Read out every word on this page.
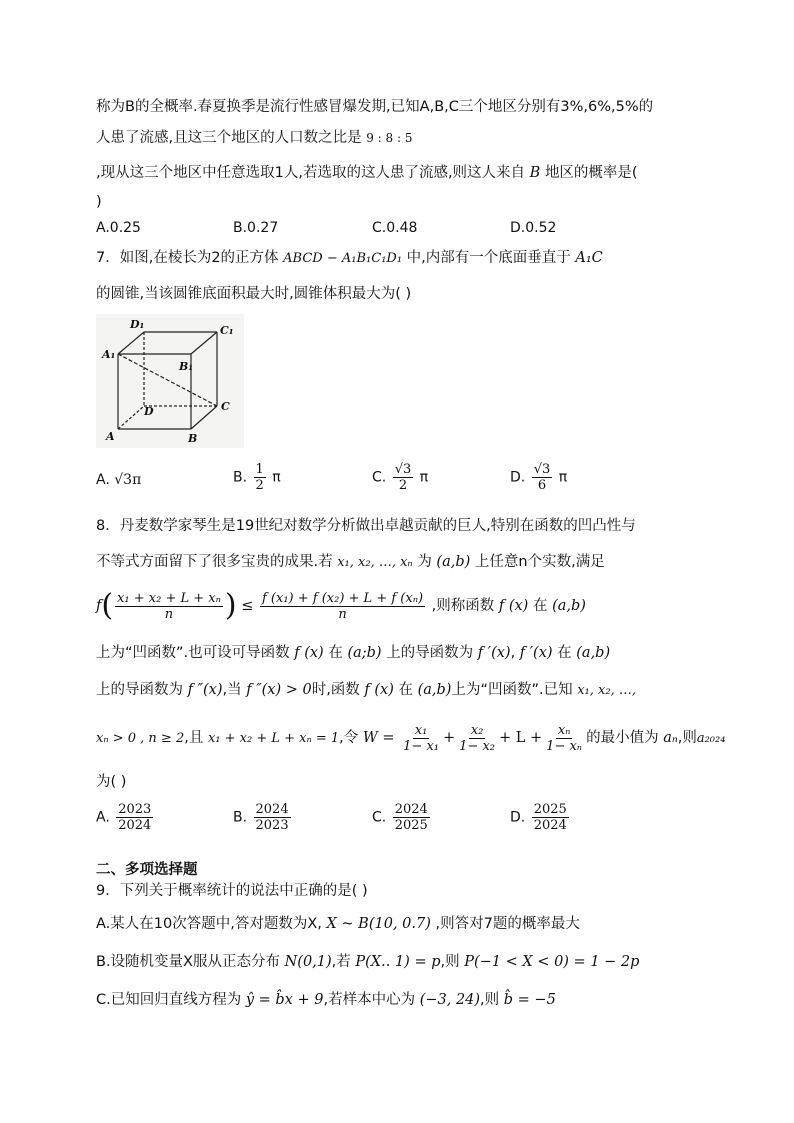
称为B的全概率.春夏换季是流行性感冒爆发期,已知A,B,C三个地区分别有3%,6%,5%的
人患了流感,且这三个地区的人口数之比是 9 : 8 : 5
,现从这三个地区中任意选取1人,若选取的这人患了流感,则这人来自 B 地区的概率是(
)
A.0.25	B.0.27	C.0.48	D.0.52
7．如图,在棱长为2的正方体 ABCD − A₁B₁C₁D₁ 中,内部有一个底面垂直于 A₁C
的圆锥,当该圆锥底面积最大时,圆锥体积最大为( )
D₁	C₁
A₁
B₁
D	C
A	B
A. √3π	B. $\frac{1}{2}$ π	C. $\frac{√3}{2}$ π	D. $\frac{√3}{6}$ π
8．丹麦数学家琴生是19世纪对数学分析做出卓越贡献的巨人,特别在函数的凹凸性与
不等式方面留下了很多宝贵的成果.若 x₁, x₂, …, xₙ 为 (a,b) 上任意n个实数,满足
$f( \frac{\text{x₁ + x₂ + L + xₙ}}{n}$ ) ≤ $\frac{\text{f (x₁) + f (x₂) + L + f (xₙ)}}{n}$ ,则称函数 f (x) 在 (a,b)
上为“凹函数”.也可设可导函数 f (x) 在 (a;b) 上的导函数为 f ′(x), f ′(x) 在 (a,b)
上的导函数为 f ″(x),当 f ″(x) > 0时,函数 f (x) 在 (a,b)上为“凹函数”.已知 x₁, x₂, …,
xₙ > 0 , n ≥ 2,且 x₁ + x₂ + L + xₙ = 1,令 $W = \frac{\text{x₁}}{\text{1− x₁}} + \frac{\text{x₂}}{\text{1− x₂}} + L + \frac{\text{xₙ}}{\text{1− xₙ}}$ 的最小值为 aₙ,则a₂₀₂₄
为( )
A. $\frac{2023}{2024}$	B. $\frac{2024}{2023}$	C. $\frac{2024}{2025}$	D. $\frac{2025}{2024}$
二、多项选择题
9．下列关于概率统计的说法中正确的是( )
A.某人在10次答题中,答对题数为X, X ~ B(10, 0.7) ,则答对7题的概率最大
B.设随机变量X服从正态分布 N(0,1),若 P(X.. 1) = p,则 P(−1 < X < 0) = 1 − 2p
C.已知回归直线方程为 ŷ = b̂x + 9,若样本中心为 (−3, 24),则 b̂ = −5
